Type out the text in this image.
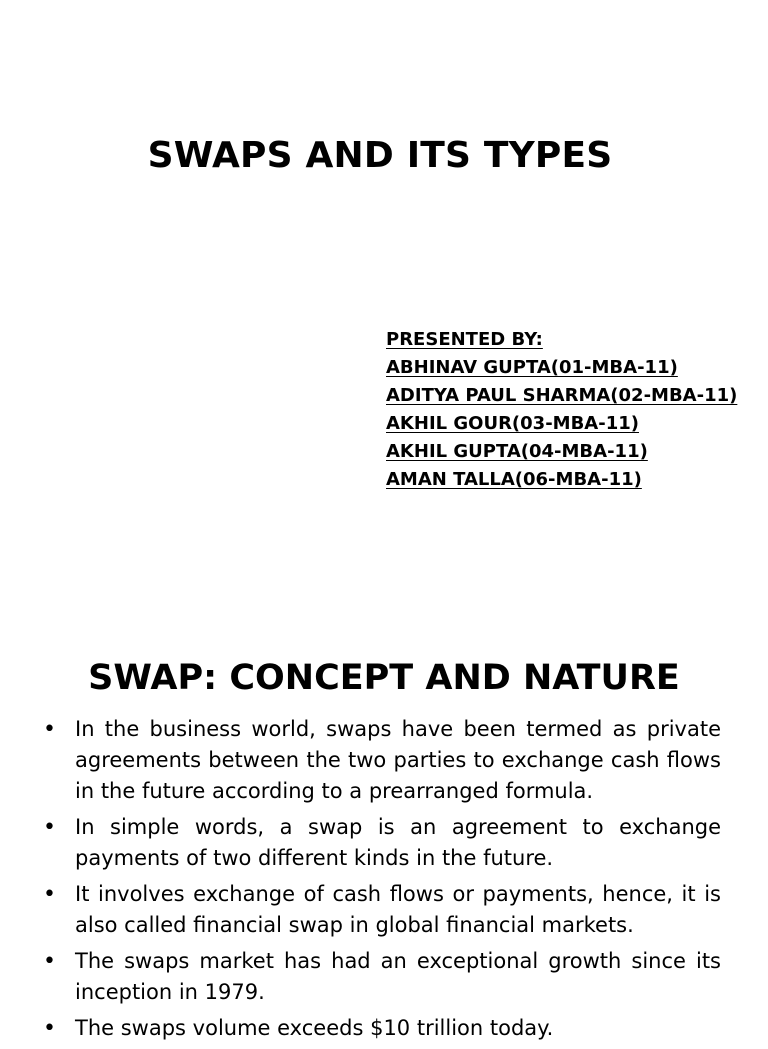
SWAPS AND ITS TYPES
PRESENTED BY:
ABHINAV GUPTA(01-MBA-11)
ADITYA PAUL SHARMA(02-MBA-11)
AKHIL GOUR(03-MBA-11)
AKHIL GUPTA(04-MBA-11)
AMAN TALLA(06-MBA-11)
SWAP: CONCEPT AND NATURE
• In the business world, swaps have been termed as private agreements between the two parties to exchange cash flows in the future according to a prearranged formula.
• In simple words, a swap is an agreement to exchange payments of two different kinds in the future.
• It involves exchange of cash flows or payments, hence, it is also called financial swap in global financial markets.
• The swaps market has had an exceptional growth since its inception in 1979.
• The swaps volume exceeds $10 trillion today.
